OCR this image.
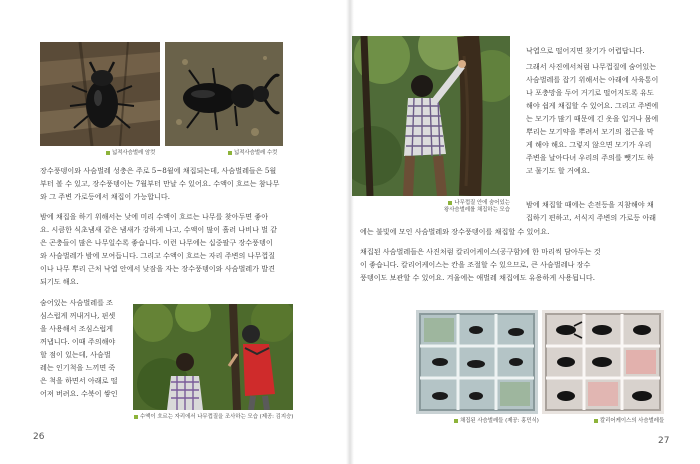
넓적사슴벌레 암컷	넓적사슴벌레 수컷
장수풍뎅이와 사슴벌레 성충은 주로 5~8월에 채집되는데, 사슴벌레들은 5월
부터 볼 수 있고, 장수풍뎅이는 7월부터 만날 수 있어요. 수액이 흐르는 참나무
와 그 주변 가로등에서 채집이 가능합니다.
밤에 채집을 하기 위해서는 낮에 미리 수액이 흐르는 나무를 찾아두면 좋아
요. 시큼한 식초냄새 같은 냄새가 강하게 나고, 수액이 많이 흘러 나비나 벌 같
은 곤충들이 많은 나무일수록 좋습니다. 이런 나무에는 십중팔구 장수풍뎅이
와 사슴벌레가 밤에 모여듭니다. 그리고 수액이 흐르는 자리 주변의 나무껍질
이나 나무 뿌리 근처 낙엽 안에서 낮잠을 자는 장수풍뎅이와 사슴벌레가 발견
되기도 해요.
숨어있는 사슴벌레를 조
심스럽게 꺼내거나, 핀셋
을 사용해서 조심스럽게
꺼냅니다. 이때 주의해야
할 점이 있는데, 사슴벌
레는 인기척을 느끼면 죽
은 척을 하면서 아래로 떨
어져 버려요. 수북이 쌓인
수액이 흐르는 자리에서 나무껍질을 조사하는 모습 (제공: 김지승)
26
나무껍질 안에 숨어있는
왕사슴벌레를 채집하는 모습
낙엽으로 떨어지면 찾기가 어렵답니다.
그래서 사진에서처럼 나무껍질에 숨어있는
사슴벌레를 잡기 위해서는 아래에 사육통이
나 포충망을 두어 거기로 떨어지도록 유도
해야 쉽게 채집할 수 있어요. 그리고 주변에
는 모기가 많기 때문에 긴 옷을 입거나 몸에
뿌리는 모기약을 뿌려서 모기의 접근을 막
게 해야 해요. 그렇지 않으면 모기가 우리
주변을 날아다녀 우리의 주의를 뺏기도 하
고 물기도 할 거예요.
밤에 채집할 때에는 손전등을 지참해야 채
집하기 편하고, 서식지 주변의 가로등 아래
에는 불빛에 모인 사슴벌레와 장수풍뎅이를 채집할 수 있어요.
채집된 사슴벌레들은 사진처럼 칼리어케이스(공구함)에 한 마리씩 담아두는 것
이 좋습니다. 칼리어케이스는 칸을 조절할 수 있으므로, 큰 사슴벌레나 장수
풍뎅이도 보관할 수 있어요. 겨울에는 애벌레 채집에도 유용하게 사용됩니다.
채집된 사슴벌레들 (제공: 홍민식)	칼리어케이스의 사슴벌레들
27
